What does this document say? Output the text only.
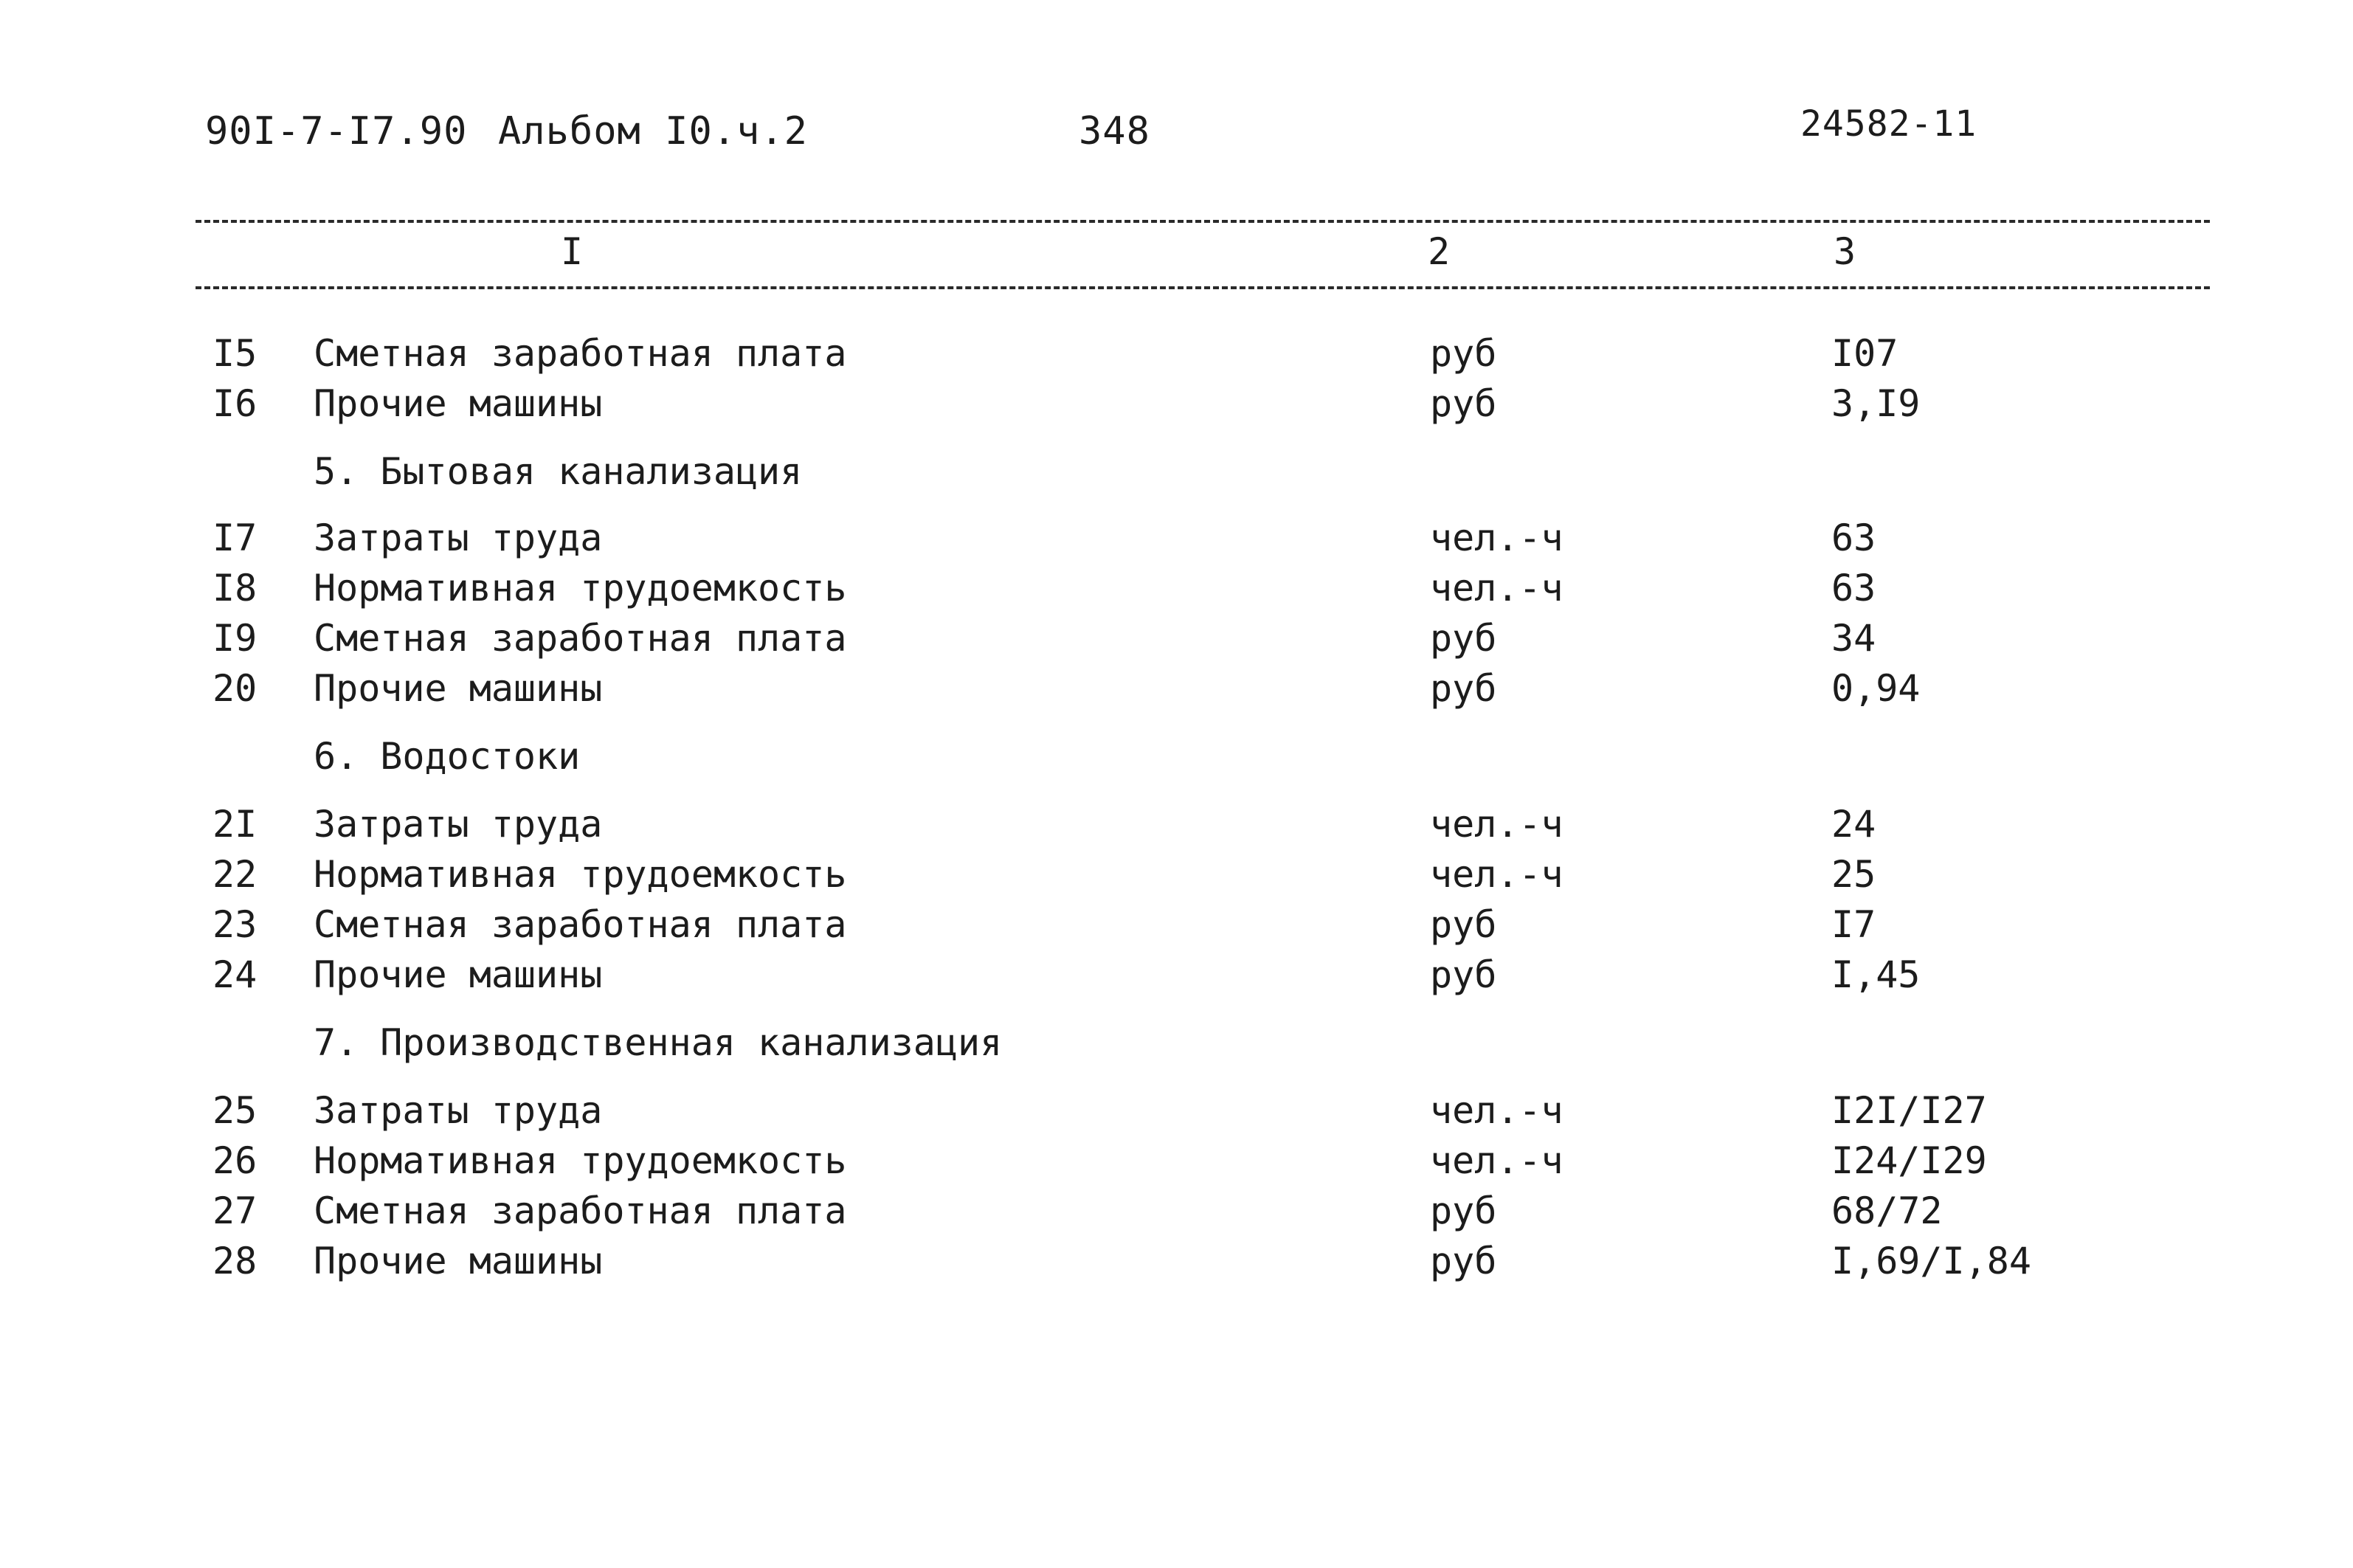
90I-7-I7.90 Альбом I0.ч.2	348	24582-11
I	2	3
I5 Сметная заработная плата	руб	I07
I6 Прочие машины	руб	3,I9
5. Бытовая канализация
I7 Затраты труда	чел.-ч	63
I8 Нормативная трудоемкость	чел.-ч	63
I9 Сметная заработная плата	руб	34
20 Прочие машины	руб	0,94
6. Водостоки
2I Затраты труда	чел.-ч	24
22 Нормативная трудоемкость	чел.-ч	25
23 Сметная заработная плата	руб	I7
24 Прочие машины	руб	I,45
7. Производственная канализация
25 Затраты труда	чел.-ч	I2I/I27
26 Нормативная трудоемкость	чел.-ч	I24/I29
27 Сметная заработная плата	руб	68/72
28 Прочие машины	руб	I,69/I,84
